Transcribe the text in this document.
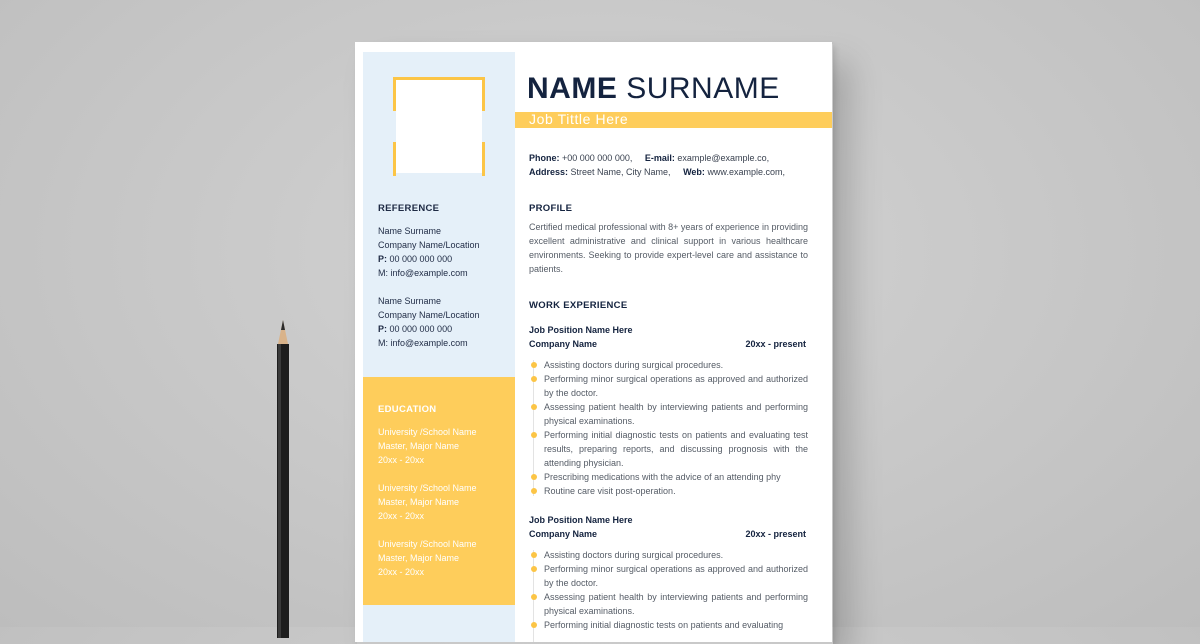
REFERENCE
Name Surname
Company Name/Location
P: 00 000 000 000
M: info@example.com
Name Surname
Company Name/Location
P: 00 000 000 000
M: info@example.com
EDUCATION
University /School Name
Master, Major Name
20xx - 20xx
University /School Name
Master, Major Name
20xx - 20xx
University /School Name
Master, Major Name
20xx - 20xx
NAME SURNAME
Job Tittle Here
Phone: +00 000 000 000, E-mail: example@example.co,
Address: Street Name, City Name, Web: www.example.com,
PROFILE
Certified medical professional with 8+ years of experience in providing excellent administrative and clinical support in various healthcare environments. Seeking to provide expert-level care and assistance to patients.
WORK EXPERIENCE
Job Position Name Here
Company Name	20xx - present
Assisting doctors during surgical procedures.
Performing minor surgical operations as approved and authorized by the doctor.
Assessing patient health by interviewing patients and performing physical examinations.
Performing initial diagnostic tests on patients and evaluating test results, preparing reports, and discussing prognosis with the attending physician.
Prescribing medications with the advice of an attending phy
Routine care visit post-operation.
Job Position Name Here
Company Name	20xx - present
Assisting doctors during surgical procedures.
Performing minor surgical operations as approved and authorized by the doctor.
Assessing patient health by interviewing patients and performing physical examinations.
Performing initial diagnostic tests on patients and evaluating
